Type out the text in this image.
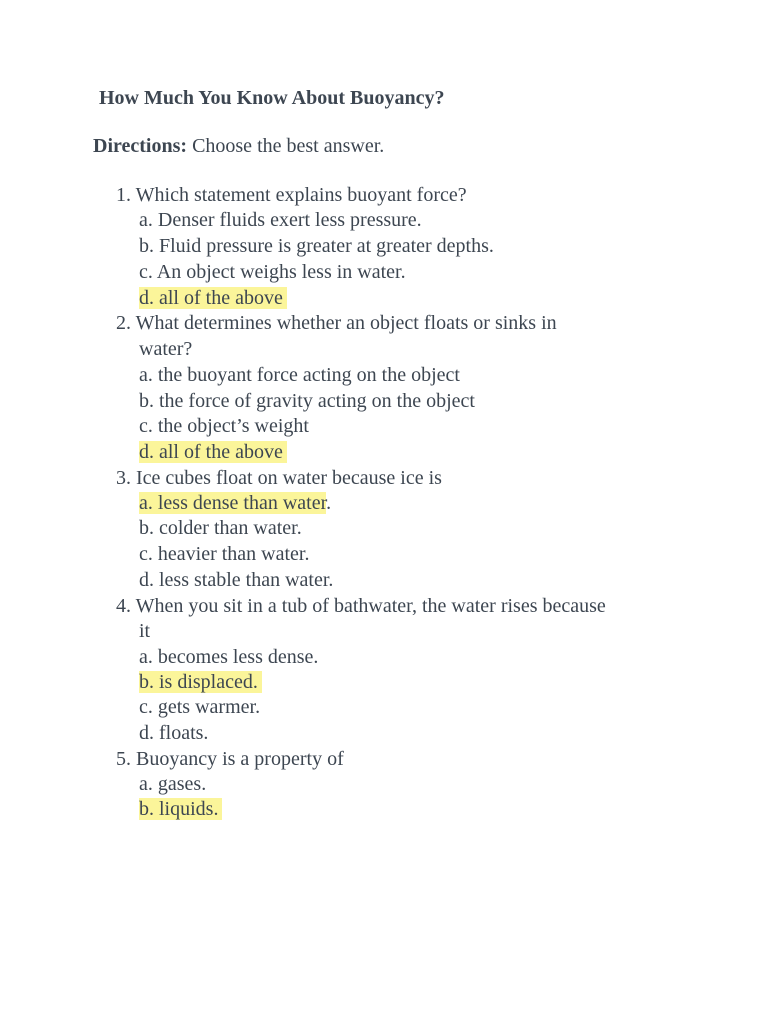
How Much You Know About Buoyancy?
Directions: Choose the best answer.
1. Which statement explains buoyant force?
a. Denser fluids exert less pressure.
b. Fluid pressure is greater at greater depths.
c. An object weighs less in water.
d. all of the above
2. What determines whether an object floats or sinks in
water?
a. the buoyant force acting on the object
b. the force of gravity acting on the object
c. the object’s weight
d. all of the above
3. Ice cubes float on water because ice is
a. less dense than water.
b. colder than water.
c. heavier than water.
d. less stable than water.
4. When you sit in a tub of bathwater, the water rises because
it
a. becomes less dense.
b. is displaced.
c. gets warmer.
d. floats.
5. Buoyancy is a property of
a. gases.
b. liquids.
